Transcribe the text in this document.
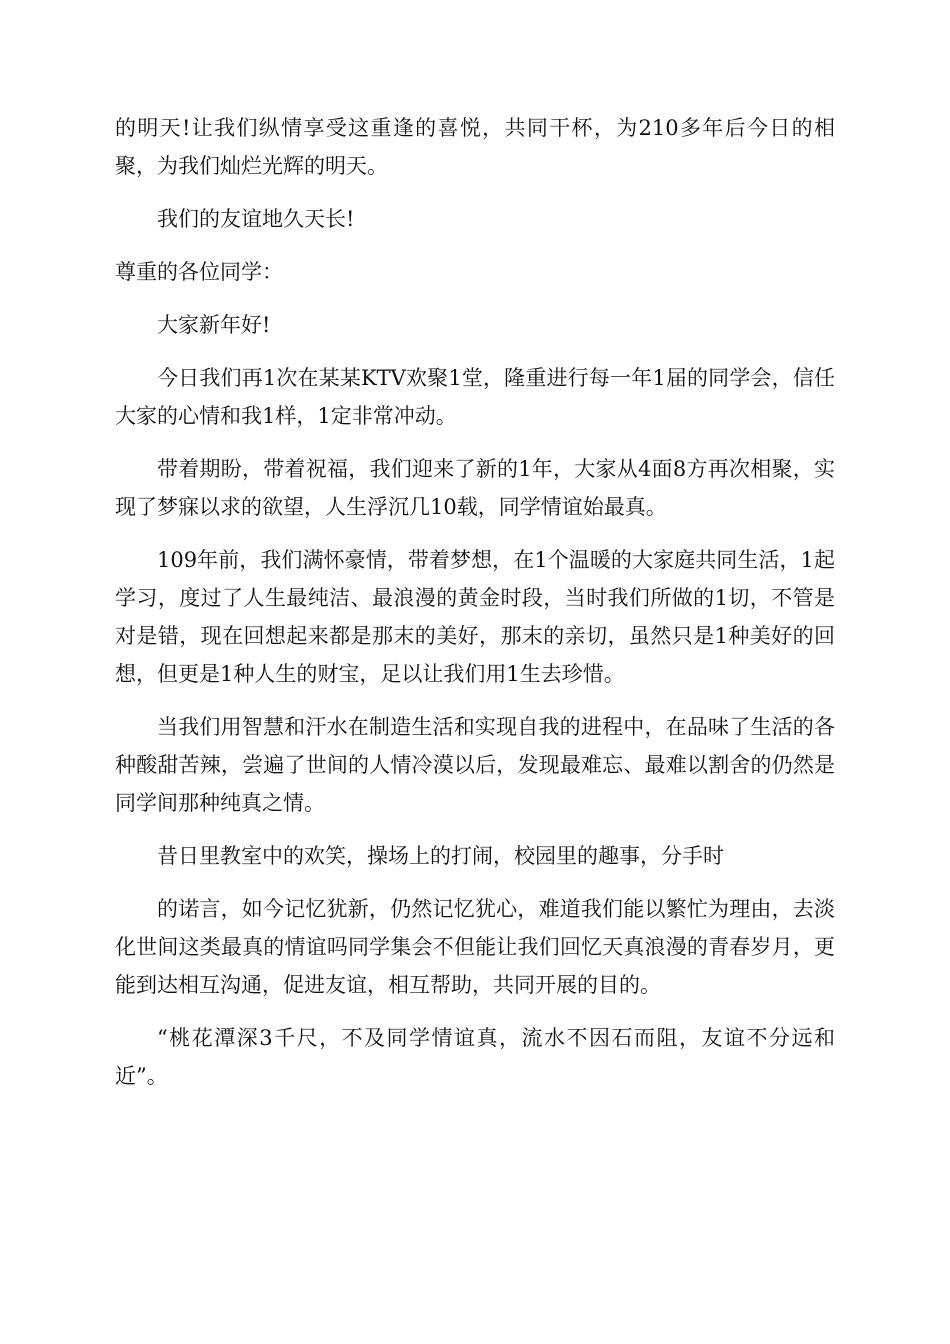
的明天!让我们纵情享受这重逢的喜悦，共同干杯，为210多年后今日的相聚，为我们灿烂光辉的明天。

我们的友谊地久天长!

尊重的各位同学：

大家新年好!

今日我们再1次在某某KTV欢聚1堂，隆重进行每一年1届的同学会，信任大家的心情和我1样，1定非常冲动。

带着期盼，带着祝福，我们迎来了新的1年，大家从4面8方再次相聚，实现了梦寐以求的欲望，人生浮沉几10载，同学情谊始最真。

109年前，我们满怀豪情，带着梦想，在1个温暖的大家庭共同生活，1起学习，度过了人生最纯洁、最浪漫的黄金时段，当时我们所做的1切，不管是对是错，现在回想起来都是那末的美好，那末的亲切，虽然只是1种美好的回想，但更是1种人生的财宝，足以让我们用1生去珍惜。

当我们用智慧和汗水在制造生活和实现自我的进程中，在品味了生活的各种酸甜苦辣，尝遍了世间的人情冷漠以后，发现最难忘、最难以割舍的仍然是同学间那种纯真之情。

昔日里教室中的欢笑，操场上的打闹，校园里的趣事，分手时

的诺言，如今记忆犹新，仍然记忆犹心，难道我们能以繁忙为理由，去淡化世间这类最真的情谊吗同学集会不但能让我们回忆天真浪漫的青春岁月，更能到达相互沟通，促进友谊，相互帮助，共同开展的目的。

“桃花潭深3千尺，不及同学情谊真，流水不因石而阻，友谊不分远和近”。
